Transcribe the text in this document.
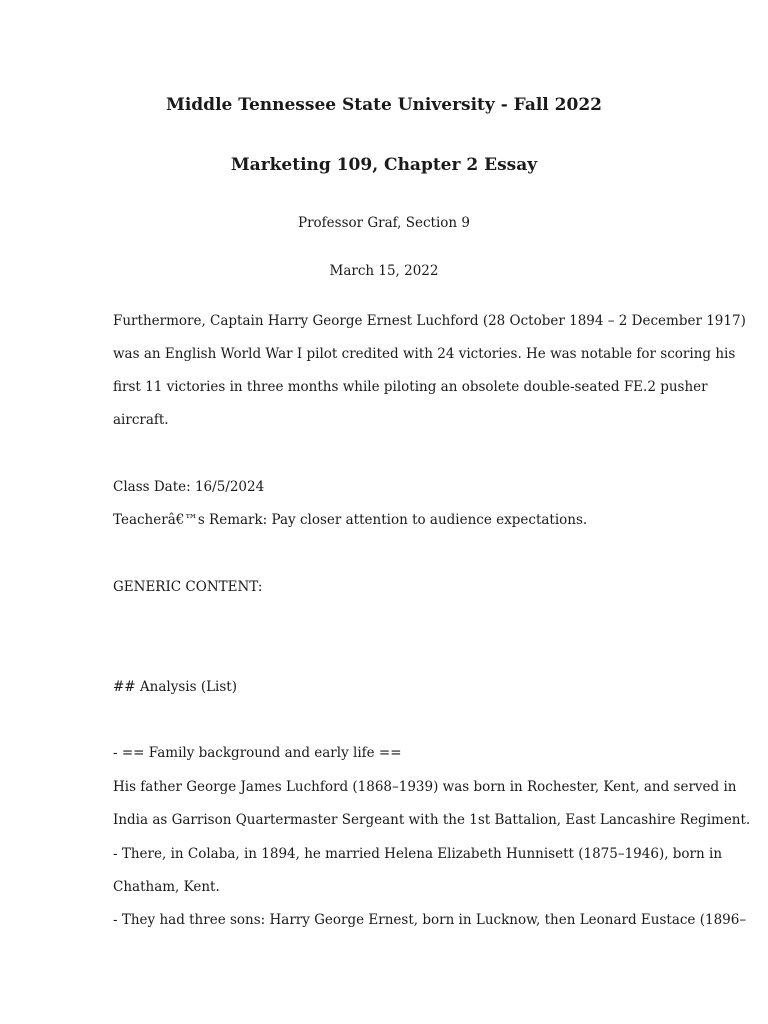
Middle Tennessee State University - Fall 2022
Marketing 109, Chapter 2 Essay

Professor Graf, Section 9

March 15, 2022

Furthermore, Captain Harry George Ernest Luchford (28 October 1894 – 2 December 1917)

was an English World War I pilot credited with 24 victories. He was notable for scoring his

first 11 victories in three months while piloting an obsolete double-seated FE.2 pusher

aircraft.

Class Date: 16/5/2024

Teacherâ€™s Remark: Pay closer attention to audience expectations.

GENERIC CONTENT:

## Analysis (List)

- == Family background and early life ==

His father George James Luchford (1868–1939) was born in Rochester, Kent, and served in

India as Garrison Quartermaster Sergeant with the 1st Battalion, East Lancashire Regiment.

- There, in Colaba, in 1894, he married Helena Elizabeth Hunnisett (1875–1946), born in

Chatham, Kent.

- They had three sons: Harry George Ernest, born in Lucknow, then Leonard Eustace (1896–
